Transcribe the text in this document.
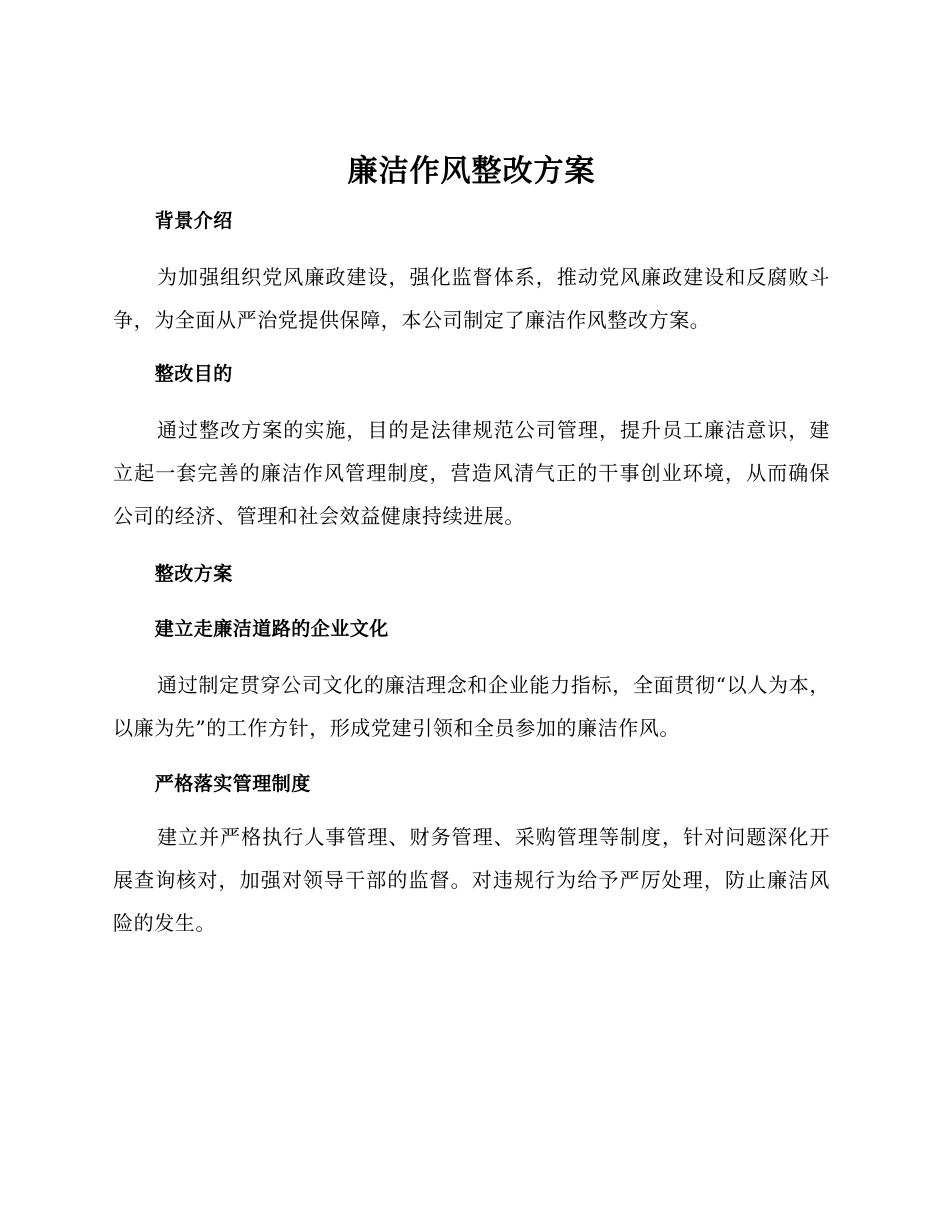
廉洁作风整改方案
背景介绍

为加强组织党风廉政建设，强化监督体系，推动党风廉政建设和反腐败斗争，为全面从严治党提供保障，本公司制定了廉洁作风整改方案。

整改目的

通过整改方案的实施，目的是法律规范公司管理，提升员工廉洁意识，建立起一套完善的廉洁作风管理制度，营造风清气正的干事创业环境，从而确保公司的经济、管理和社会效益健康持续进展。

整改方案
建立走廉洁道路的企业文化

通过制定贯穿公司文化的廉洁理念和企业能力指标，全面贯彻“以人为本，以廉为先”的工作方针，形成党建引领和全员参加的廉洁作风。

严格落实管理制度

建立并严格执行人事管理、财务管理、采购管理等制度，针对问题深化开展查询核对，加强对领导干部的监督。对违规行为给予严厉处理，防止廉洁风险的发生。
